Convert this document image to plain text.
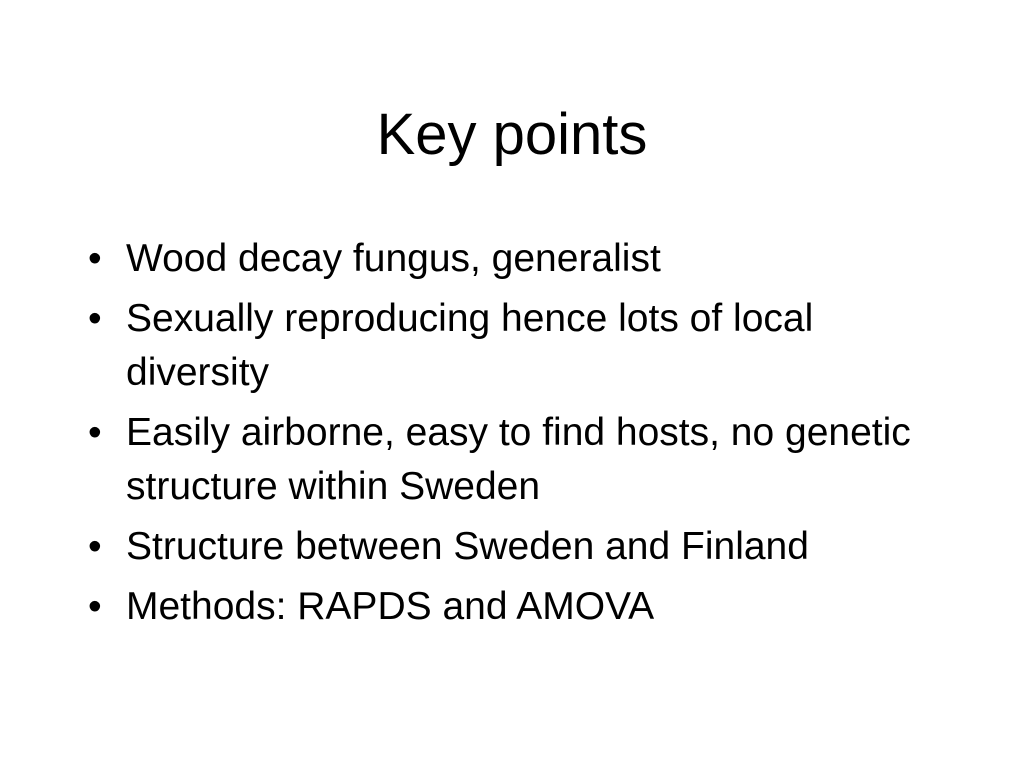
Key points
• Wood decay fungus, generalist
• Sexually reproducing hence lots of local diversity
• Easily airborne, easy to find hosts, no genetic structure within Sweden
• Structure between Sweden and Finland
• Methods: RAPDS and AMOVA
